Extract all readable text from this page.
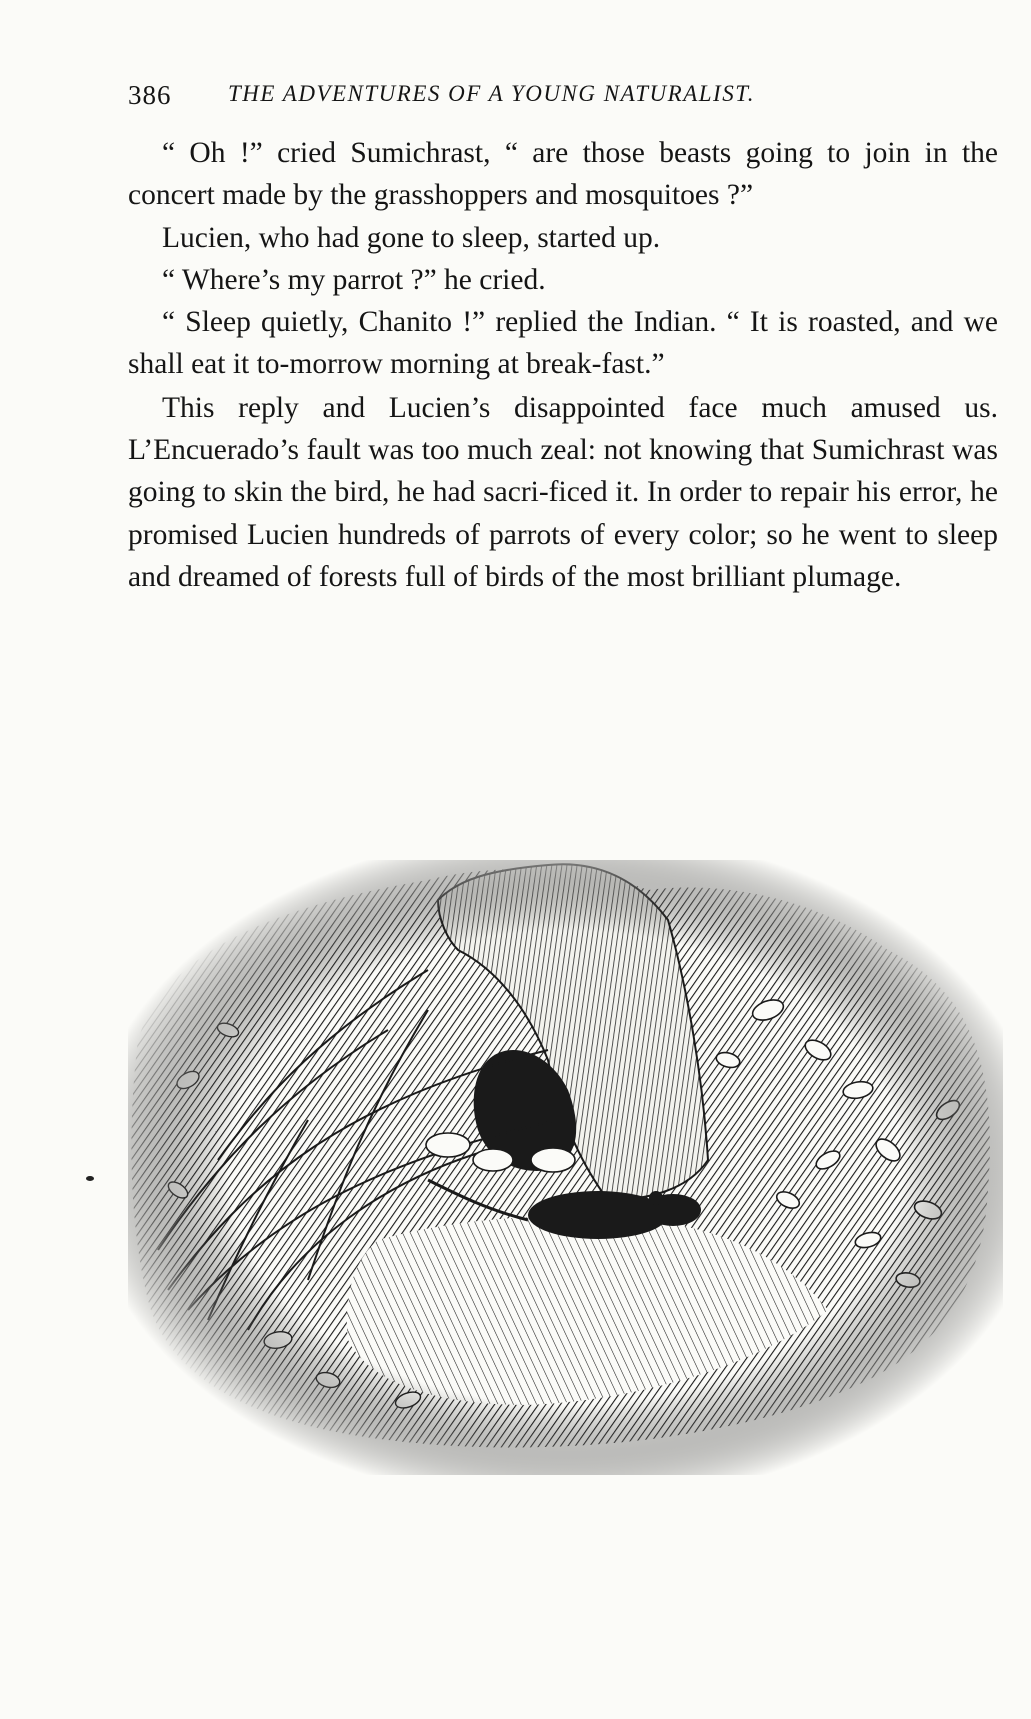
386 THE ADVENTURES OF A YOUNG NATURALIST.

“ Oh !” cried Sumichrast, “ are those beasts going to join in the concert made by the grasshoppers and mosquitoes ?”

Lucien, who had gone to sleep, started up.

“ Where’s my parrot ?” he cried.

“ Sleep quietly, Chanito !” replied the Indian. “ It is roasted, and we shall eat it to-morrow morning at break-fast.”

This reply and Lucien’s disappointed face much amused us. L’Encuerado’s fault was too much zeal: not knowing that Sumichrast was going to skin the bird, he had sacri-ficed it. In order to repair his error, he promised Lucien hundreds of parrots of every color; so he went to sleep and dreamed of forests full of birds of the most brilliant plumage.
